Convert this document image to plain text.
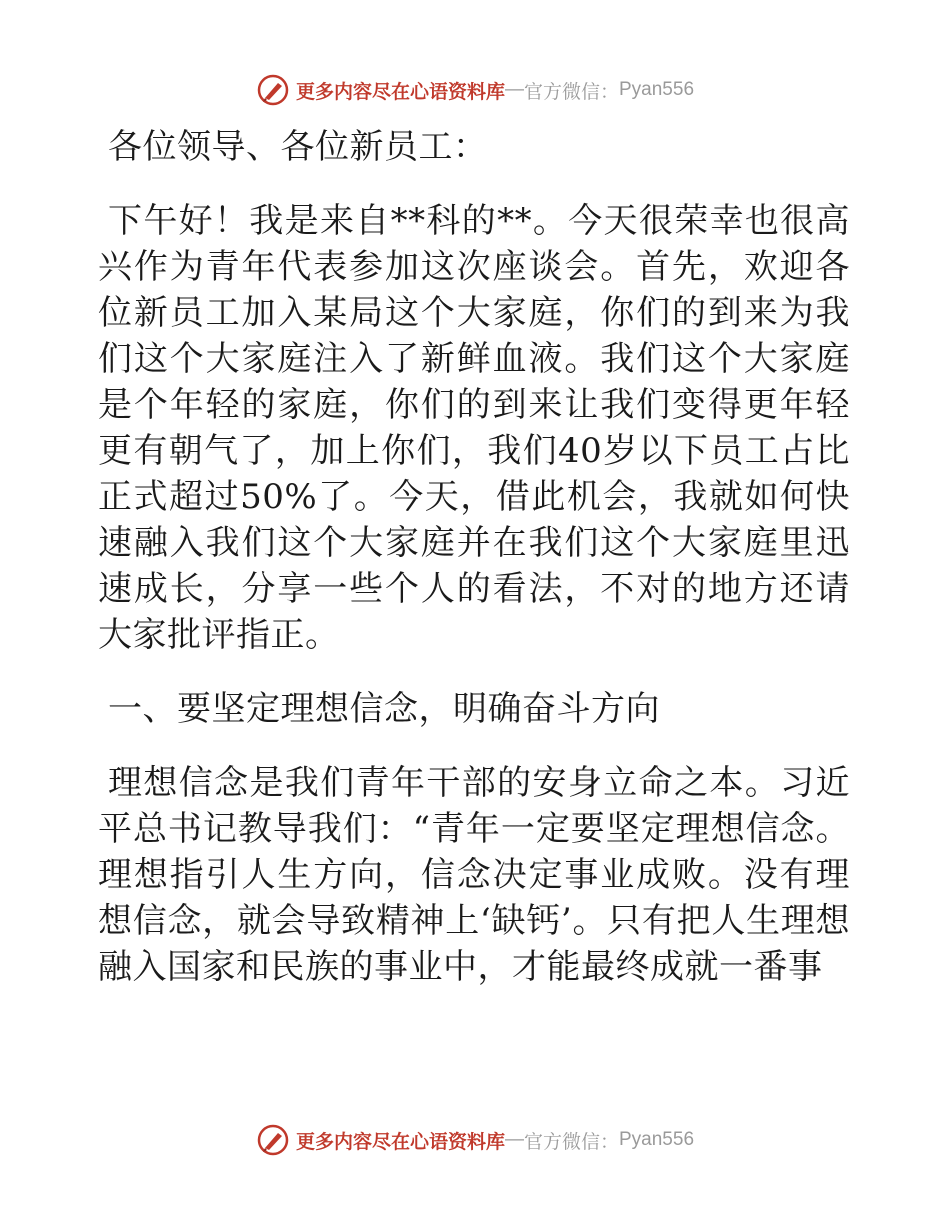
更多内容尽在心语资料库 — 官方微信： Pyan556

各位领导、各位新员工：

下午好！我是来自**科的**。今天很荣幸也很高兴作为青年代表参加这次座谈会。首先，欢迎各位新员工加入某局这个大家庭，你们的到来为我们这个大家庭注入了新鲜血液。我们这个大家庭是个年轻的家庭，你们的到来让我们变得更年轻更有朝气了，加上你们，我们40岁以下员工占比正式超过50%了。今天，借此机会，我就如何快速融入我们这个大家庭并在我们这个大家庭里迅速成长，分享一些个人的看法，不对的地方还请大家批评指正。

一、要坚定理想信念，明确奋斗方向

理想信念是我们青年干部的安身立命之本。习近平总书记教导我们：“青年一定要坚定理想信念。理想指引人生方向，信念决定事业成败。没有理想信念，就会导致精神上‘缺钙’。只有把人生理想融入国家和民族的事业中，才能最终成就一番事

更多内容尽在心语资料库 — 官方微信： Pyan556
